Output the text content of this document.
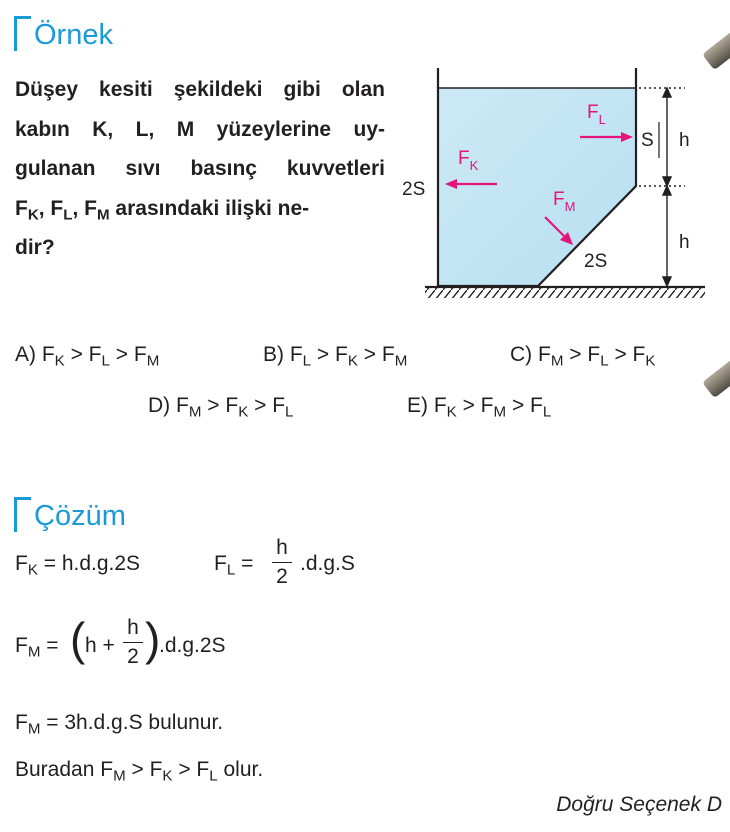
Örnek
Düşey kesiti şekildeki gibi olan
kabın K, L, M yüzeylerine uy-
gulanan sıvı basınç kuvvetleri
$F_K$, $F_L$, $F_M$ arasındaki ilişki ne-
dir?
h
h
S
2S
2S
$F_K$
$F_L$
$F_M$
A) $F_K > F_L > F_M$	B) $F_L > F_K > F_M$	C) $F_M > F_L > F_K$
D) $F_M > F_K > F_L$	E) $F_K > F_M > F_L$
Çözüm
$F_K = h.d.g.2S$	$F_L$ =
h
2
.d.g.S
$F_M$ = ( h +
h
2 )
.d.g.2S
$F_M = 3h.d.g.S$ bulunur.
Buradan $F_M > F_K > F_L$ olur.
Doğru Seçenek D
